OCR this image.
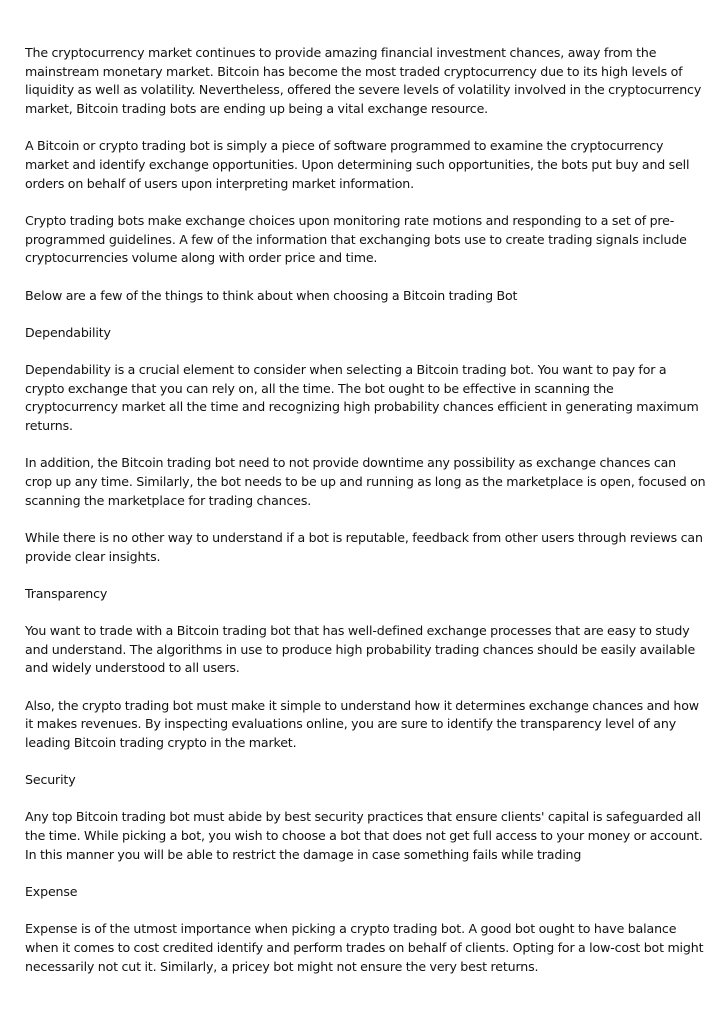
The cryptocurrency market continues to provide amazing financial investment chances, away from the mainstream monetary market. Bitcoin has become the most traded cryptocurrency due to its high levels of liquidity as well as volatility. Nevertheless, offered the severe levels of volatility involved in the cryptocurrency market, Bitcoin trading bots are ending up being a vital exchange resource.

A Bitcoin or crypto trading bot is simply a piece of software programmed to examine the cryptocurrency market and identify exchange opportunities. Upon determining such opportunities, the bots put buy and sell orders on behalf of users upon interpreting market information.

Crypto trading bots make exchange choices upon monitoring rate motions and responding to a set of pre-programmed guidelines. A few of the information that exchanging bots use to create trading signals include cryptocurrencies volume along with order price and time.

Below are a few of the things to think about when choosing a Bitcoin trading Bot

Dependability

Dependability is a crucial element to consider when selecting a Bitcoin trading bot. You want to pay for a crypto exchange that you can rely on, all the time. The bot ought to be effective in scanning the cryptocurrency market all the time and recognizing high probability chances efficient in generating maximum returns.

In addition, the Bitcoin trading bot need to not provide downtime any possibility as exchange chances can crop up any time. Similarly, the bot needs to be up and running as long as the marketplace is open, focused on scanning the marketplace for trading chances.

While there is no other way to understand if a bot is reputable, feedback from other users through reviews can provide clear insights.

Transparency

You want to trade with a Bitcoin trading bot that has well-defined exchange processes that are easy to study and understand. The algorithms in use to produce high probability trading chances should be easily available and widely understood to all users.

Also, the crypto trading bot must make it simple to understand how it determines exchange chances and how it makes revenues. By inspecting evaluations online, you are sure to identify the transparency level of any leading Bitcoin trading crypto in the market.

Security

Any top Bitcoin trading bot must abide by best security practices that ensure clients' capital is safeguarded all the time. While picking a bot, you wish to choose a bot that does not get full access to your money or account. In this manner you will be able to restrict the damage in case something fails while trading

Expense

Expense is of the utmost importance when picking a crypto trading bot. A good bot ought to have balance when it comes to cost credited identify and perform trades on behalf of clients. Opting for a low-cost bot might necessarily not cut it. Similarly, a pricey bot might not ensure the very best returns.
